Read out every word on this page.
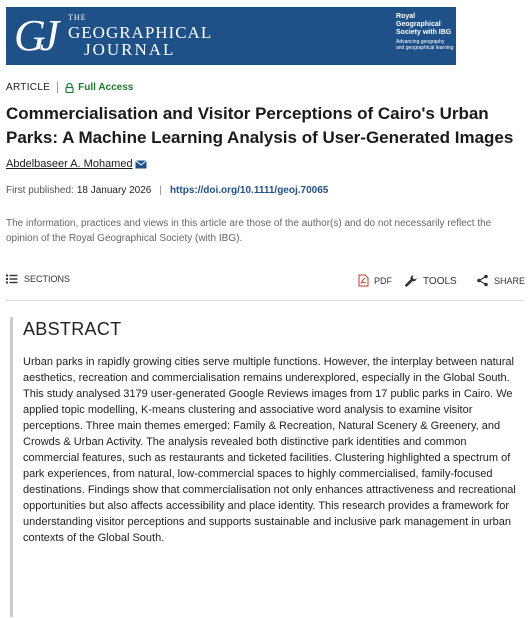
GJ	THE
GEOGRAPHICAL
JOURNAL
Royal Geographical Society with IBG
Advancing geography and geographical learning
ARTICLE	Full Access
Commercialisation and Visitor Perceptions of Cairo's Urban Parks: A Machine Learning Analysis of User-Generated Images
Abdelbaseer A. Mohamed
First published: 18 January 2026 | https://doi.org/10.1111/geoj.70065

The information, practices and views in this article are those of the author(s) and do not necessarily reflect the opinion of the Royal Geographical Society (with IBG).

SECTIONS	PDF	TOOLS	SHARE
ABSTRACT

Urban parks in rapidly growing cities serve multiple functions. However, the interplay between natural aesthetics, recreation and commercialisation remains underexplored, especially in the Global South. This study analysed 3179 user-generated Google Reviews images from 17 public parks in Cairo. We applied topic modelling, K-means clustering and associative word analysis to examine visitor perceptions. Three main themes emerged: Family & Recreation, Natural Scenery & Greenery, and Crowds & Urban Activity. The analysis revealed both distinctive park identities and common commercial features, such as restaurants and ticketed facilities. Clustering highlighted a spectrum of park experiences, from natural, low-commercial spaces to highly commercialised, family-focused destinations. Findings show that commercialisation not only enhances attractiveness and recreational opportunities but also affects accessibility and place identity. This research provides a framework for understanding visitor perceptions and supports sustainable and inclusive park management in urban contexts of the Global South.
